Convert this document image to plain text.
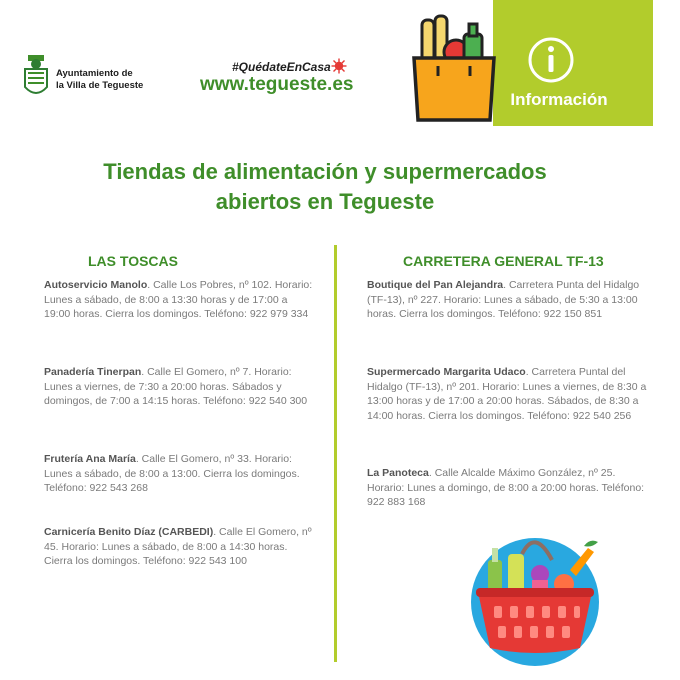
Ayuntamiento de
la Villa de Tegueste
#QuédateEnCasa
www.tegueste.es
Información
Tiendas de alimentación y supermercados
abiertos en Tegueste
LAS TOSCAS	CARRETERA GENERAL TF-13
Autoservicio Manolo. Calle Los Pobres, nº 102. Horario: Lunes a sábado, de 8:00 a 13:30 horas y de 17:00 a 19:00 horas. Cierra los domingos. Teléfono: 922 979 334
Panadería Tinerpan. Calle El Gomero, nº 7. Horario: Lunes a viernes, de 7:30 a 20:00 horas. Sábados y domingos, de 7:00 a 14:15 horas. Teléfono: 922 540 300
Frutería Ana María. Calle El Gomero, nº 33. Horario: Lunes a sábado, de 8:00 a 13:00. Cierra los domingos. Teléfono: 922 543 268
Carnicería Benito Díaz (CARBEDI). Calle El Gomero, nº 45. Horario: Lunes a sábado, de 8:00 a 14:30 horas. Cierra los domingos. Teléfono: 922 543 100
Boutique del Pan Alejandra. Carretera Punta del Hidalgo (TF-13), nº 227. Horario: Lunes a sábado, de 5:30 a 13:00 horas. Cierra los domingos. Teléfono: 922 150 851
Supermercado Margarita Udaco. Carretera Puntal del Hidalgo (TF-13), nº 201. Horario: Lunes a viernes, de 8:30 a 13:00 horas y de 17:00 a 20:00 horas. Sábados, de 8:30 a 14:00 horas. Cierra los domingos. Teléfono: 922 540 256
La Panoteca. Calle Alcalde Máximo González, nº 25. Horario: Lunes a domingo, de 8:00 a 20:00 horas. Teléfono: 922 883 168
